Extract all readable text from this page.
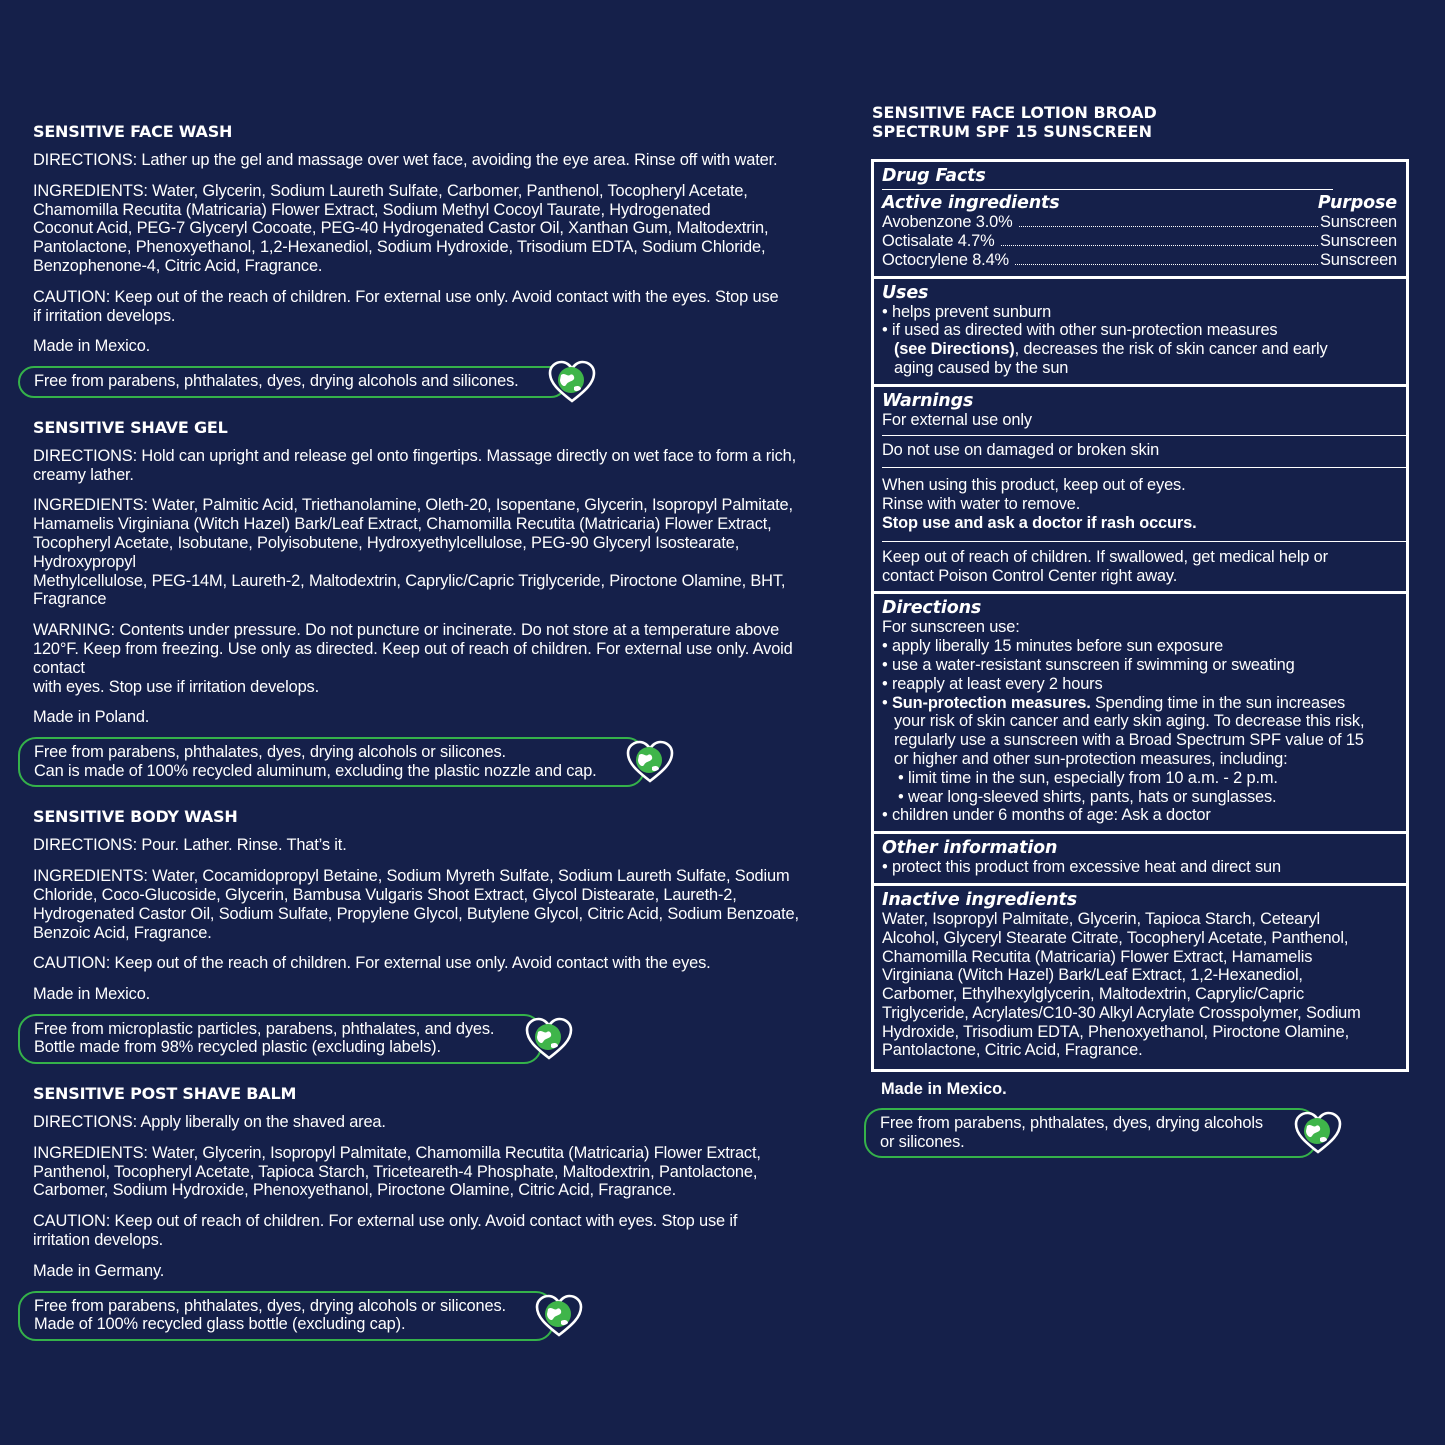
SENSITIVE FACE WASH
DIRECTIONS: Lather up the gel and massage over wet face, avoiding the eye area. Rinse off with water.
INGREDIENTS: Water, Glycerin, Sodium Laureth Sulfate, Carbomer, Panthenol, Tocopheryl Acetate,
Chamomilla Recutita (Matricaria) Flower Extract, Sodium Methyl Cocoyl Taurate, Hydrogenated
Coconut Acid, PEG-7 Glyceryl Cocoate, PEG-40 Hydrogenated Castor Oil, Xanthan Gum, Maltodextrin,
Pantolactone, Phenoxyethanol, 1,2-Hexanediol, Sodium Hydroxide, Trisodium EDTA, Sodium Chloride,
Benzophenone-4, Citric Acid, Fragrance.
CAUTION: Keep out of the reach of children. For external use only. Avoid contact with the eyes. Stop use
if irritation develops.
Made in Mexico.
Free from parabens, phthalates, dyes, drying alcohols and silicones.
SENSITIVE SHAVE GEL
DIRECTIONS: Hold can upright and release gel onto fingertips. Massage directly on wet face to form a rich,
creamy lather.
INGREDIENTS: Water, Palmitic Acid, Triethanolamine, Oleth-20, Isopentane, Glycerin, Isopropyl Palmitate,
Hamamelis Virginiana (Witch Hazel) Bark/Leaf Extract, Chamomilla Recutita (Matricaria) Flower Extract,
Tocopheryl Acetate, Isobutane, Polyisobutene, Hydroxyethylcellulose, PEG-90 Glyceryl Isostearate, Hydroxypropyl
Methylcellulose, PEG-14M, Laureth-2, Maltodextrin, Caprylic/Capric Triglyceride, Piroctone Olamine, BHT, Fragrance
WARNING: Contents under pressure. Do not puncture or incinerate. Do not store at a temperature above
120°F. Keep from freezing. Use only as directed. Keep out of reach of children. For external use only. Avoid contact
with eyes. Stop use if irritation develops.
Made in Poland.
Free from parabens, phthalates, dyes, drying alcohols or silicones.
Can is made of 100% recycled aluminum, excluding the plastic nozzle and cap.
SENSITIVE BODY WASH
DIRECTIONS: Pour. Lather. Rinse. That’s it.
INGREDIENTS: Water, Cocamidopropyl Betaine, Sodium Myreth Sulfate, Sodium Laureth Sulfate, Sodium
Chloride, Coco-Glucoside, Glycerin, Bambusa Vulgaris Shoot Extract, Glycol Distearate, Laureth-2,
Hydrogenated Castor Oil, Sodium Sulfate, Propylene Glycol, Butylene Glycol, Citric Acid, Sodium Benzoate,
Benzoic Acid, Fragrance.
CAUTION: Keep out of the reach of children. For external use only. Avoid contact with the eyes.
Made in Mexico.
Free from microplastic particles, parabens, phthalates, and dyes.
Bottle made from 98% recycled plastic (excluding labels).
SENSITIVE POST SHAVE BALM
DIRECTIONS: Apply liberally on the shaved area.
INGREDIENTS: Water, Glycerin, Isopropyl Palmitate, Chamomilla Recutita (Matricaria) Flower Extract,
Panthenol, Tocopheryl Acetate, Tapioca Starch, Triceteareth-4 Phosphate, Maltodextrin, Pantolactone,
Carbomer, Sodium Hydroxide, Phenoxyethanol, Piroctone Olamine, Citric Acid, Fragrance.
CAUTION: Keep out of reach of children. For external use only. Avoid contact with eyes. Stop use if
irritation develops.
Made in Germany.
Free from parabens, phthalates, dyes, drying alcohols or silicones.
Made of 100% recycled glass bottle (excluding cap).
SENSITIVE FACE LOTION BROAD
SPECTRUM SPF 15 SUNSCREEN
Drug Facts
Active ingredients	Purpose
Avobenzone 3.0%	Sunscreen
Octisalate 4.7%	Sunscreen
Octocrylene 8.4%	Sunscreen
Uses
• helps prevent sunburn
• if used as directed with other sun-protection measures
(see Directions), decreases the risk of skin cancer and early
aging caused by the sun
Warnings
For external use only
Do not use on damaged or broken skin
When using this product, keep out of eyes.
Rinse with water to remove.
Stop use and ask a doctor if rash occurs.
Keep out of reach of children. If swallowed, get medical help or
contact Poison Control Center right away.
Directions
For sunscreen use:
• apply liberally 15 minutes before sun exposure
• use a water-resistant sunscreen if swimming or sweating
• reapply at least every 2 hours
• Sun-protection measures. Spending time in the sun increases
your risk of skin cancer and early skin aging. To decrease this risk,
regularly use a sunscreen with a Broad Spectrum SPF value of 15
or higher and other sun-protection measures, including:
• limit time in the sun, especially from 10 a.m. - 2 p.m.
• wear long-sleeved shirts, pants, hats or sunglasses.
• children under 6 months of age: Ask a doctor
Other information
• protect this product from excessive heat and direct sun
Inactive ingredients
Water, Isopropyl Palmitate, Glycerin, Tapioca Starch, Cetearyl
Alcohol, Glyceryl Stearate Citrate, Tocopheryl Acetate, Panthenol,
Chamomilla Recutita (Matricaria) Flower Extract, Hamamelis
Virginiana (Witch Hazel) Bark/Leaf Extract, 1,2-Hexanediol,
Carbomer, Ethylhexylglycerin, Maltodextrin, Caprylic/Capric
Triglyceride, Acrylates/C10-30 Alkyl Acrylate Crosspolymer, Sodium
Hydroxide, Trisodium EDTA, Phenoxyethanol, Piroctone Olamine,
Pantolactone, Citric Acid, Fragrance.
Made in Mexico.
Free from parabens, phthalates, dyes, drying alcohols
or silicones.
